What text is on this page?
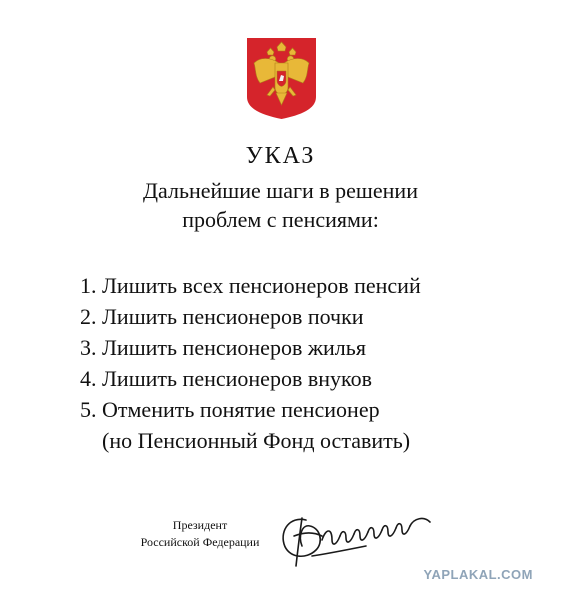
УКАЗ
Дальнейшие шаги в решении
проблем с пенсиями:
1. Лишить всех пенсионеров пенсий
2. Лишить пенсионеров почки
3. Лишить пенсионеров жилья
4. Лишить пенсионеров внуков
5. Отменить понятие пенсионер
(но Пенсионный Фонд оставить)
Президент
Российской Федерации
YAPLAKAL.COM
